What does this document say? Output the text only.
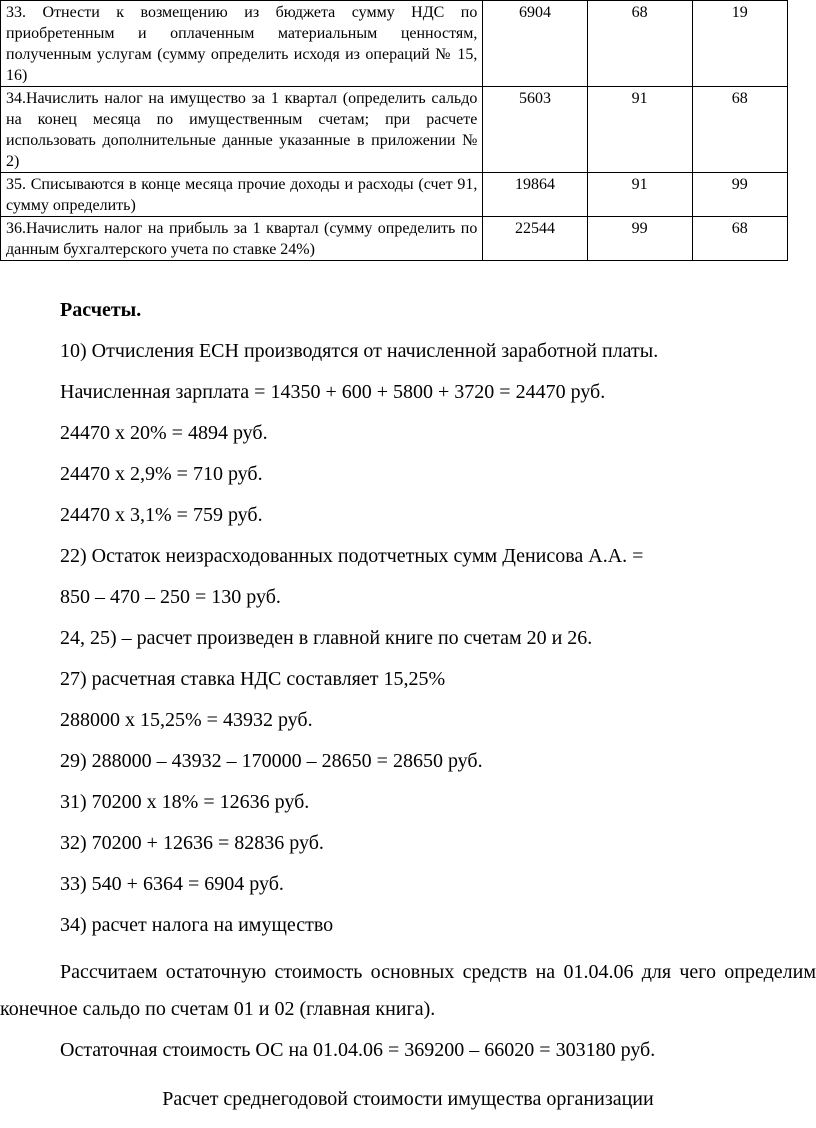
33. Отнести к возмещению из бюджета сумму НДС по приобретенным и оплаченным материальным ценностям, полученным услугам (сумму определить исходя из операций № 15, 16)	6904	68	19
34.Начислить налог на имущество за 1 квартал (определить сальдо на конец месяца по имущественным счетам; при расчете использовать дополнительные данные указанные в приложении № 2)	5603	91	68
35. Списываются в конце месяца прочие доходы и расходы (счет 91, сумму определить)	19864	91	99
36.Начислить налог на прибыль за 1 квартал (сумму определить по данным бухгалтерского учета по ставке 24%)	22544	99	68
Расчеты.

10) Отчисления ЕСН производятся от начисленной заработной платы.

Начисленная зарплата = 14350 + 600 + 5800 + 3720 = 24470 руб.

24470 х 20% = 4894 руб.

24470 х 2,9% = 710 руб.

24470 х 3,1% = 759 руб.

22) Остаток неизрасходованных подотчетных сумм Денисова А.А. =

850 – 470 – 250 = 130 руб.

24, 25) – расчет произведен в главной книге по счетам 20 и 26.

27) расчетная ставка НДС составляет 15,25%

288000 х 15,25% = 43932 руб.

29) 288000 – 43932 – 170000 – 28650 = 28650 руб.

31) 70200 х 18% = 12636 руб.

32) 70200 + 12636 = 82836 руб.

33) 540 + 6364 = 6904 руб.

34) расчет налога на имущество

Рассчитаем остаточную стоимость основных средств на 01.04.06 для чего определим конечное сальдо по счетам 01 и 02 (главная книга).

Остаточная стоимость ОС на 01.04.06 = 369200 – 66020 = 303180 руб.

Расчет среднегодовой стоимости имущества организации
